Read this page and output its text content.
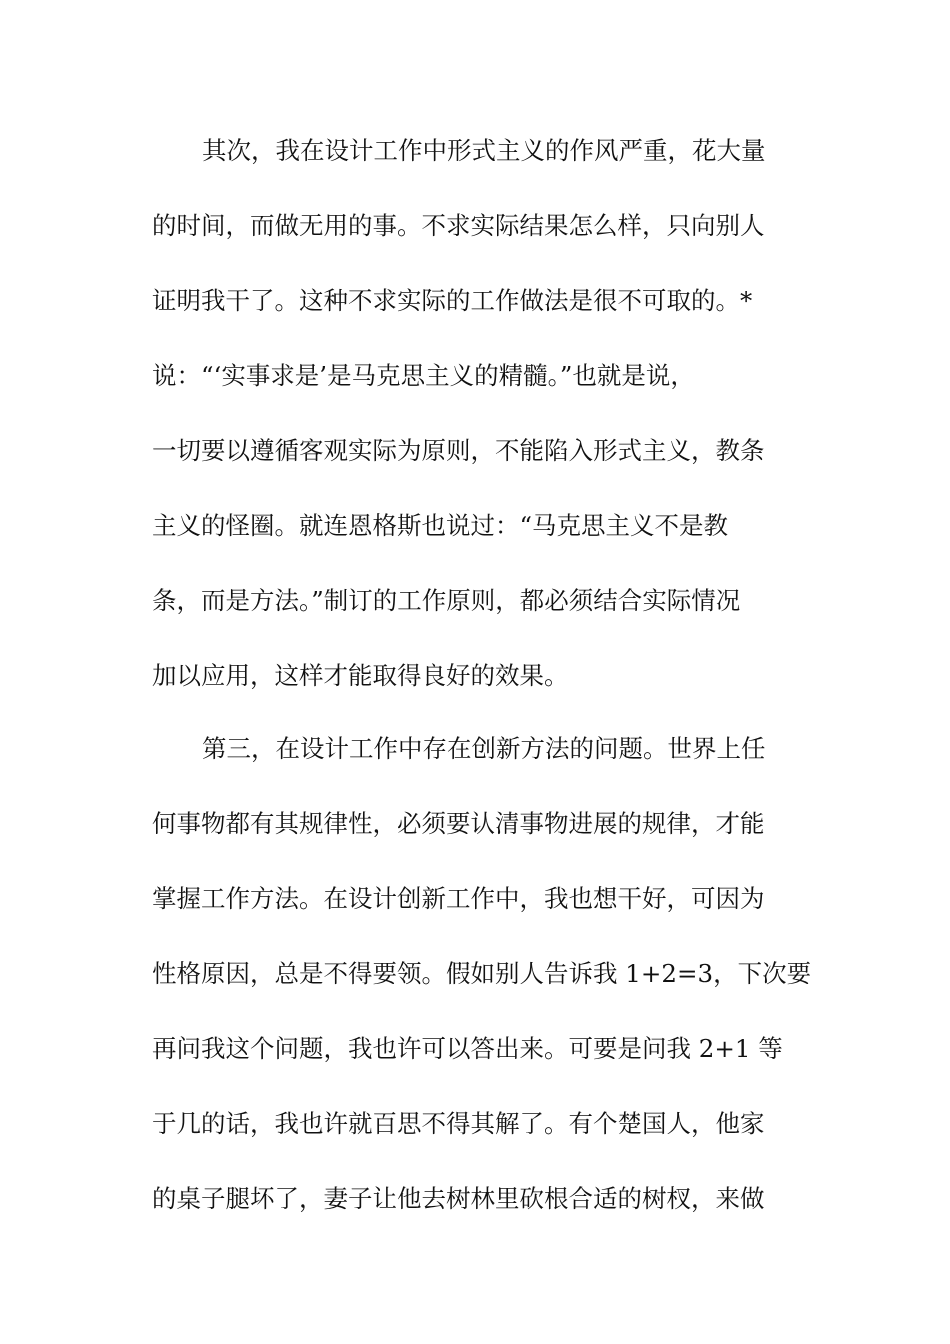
其次，我在设计工作中形式主义的作风严重，花大量
的时间，而做无用的事。不求实际结果怎么样，只向别人
证明我干了。这种不求实际的工作做法是很不可取的。*
说：“‘实事求是’是马克思主义的精髓。”也就是说，
一切要以遵循客观实际为原则，不能陷入形式主义，教条
主义的怪圈。就连恩格斯也说过：“马克思主义不是教
条，而是方法。”制订的工作原则，都必须结合实际情况
加以应用，这样才能取得良好的效果。
第三，在设计工作中存在创新方法的问题。世界上任
何事物都有其规律性，必须要认清事物进展的规律，才能
掌握工作方法。在设计创新工作中，我也想干好，可因为
性格原因，总是不得要领。假如别人告诉我 1+2=3，下次要
再问我这个问题，我也许可以答出来。可要是问我 2+1 等
于几的话，我也许就百思不得其解了。有个楚国人，他家
的桌子腿坏了，妻子让他去树林里砍根合适的树杈，来做
